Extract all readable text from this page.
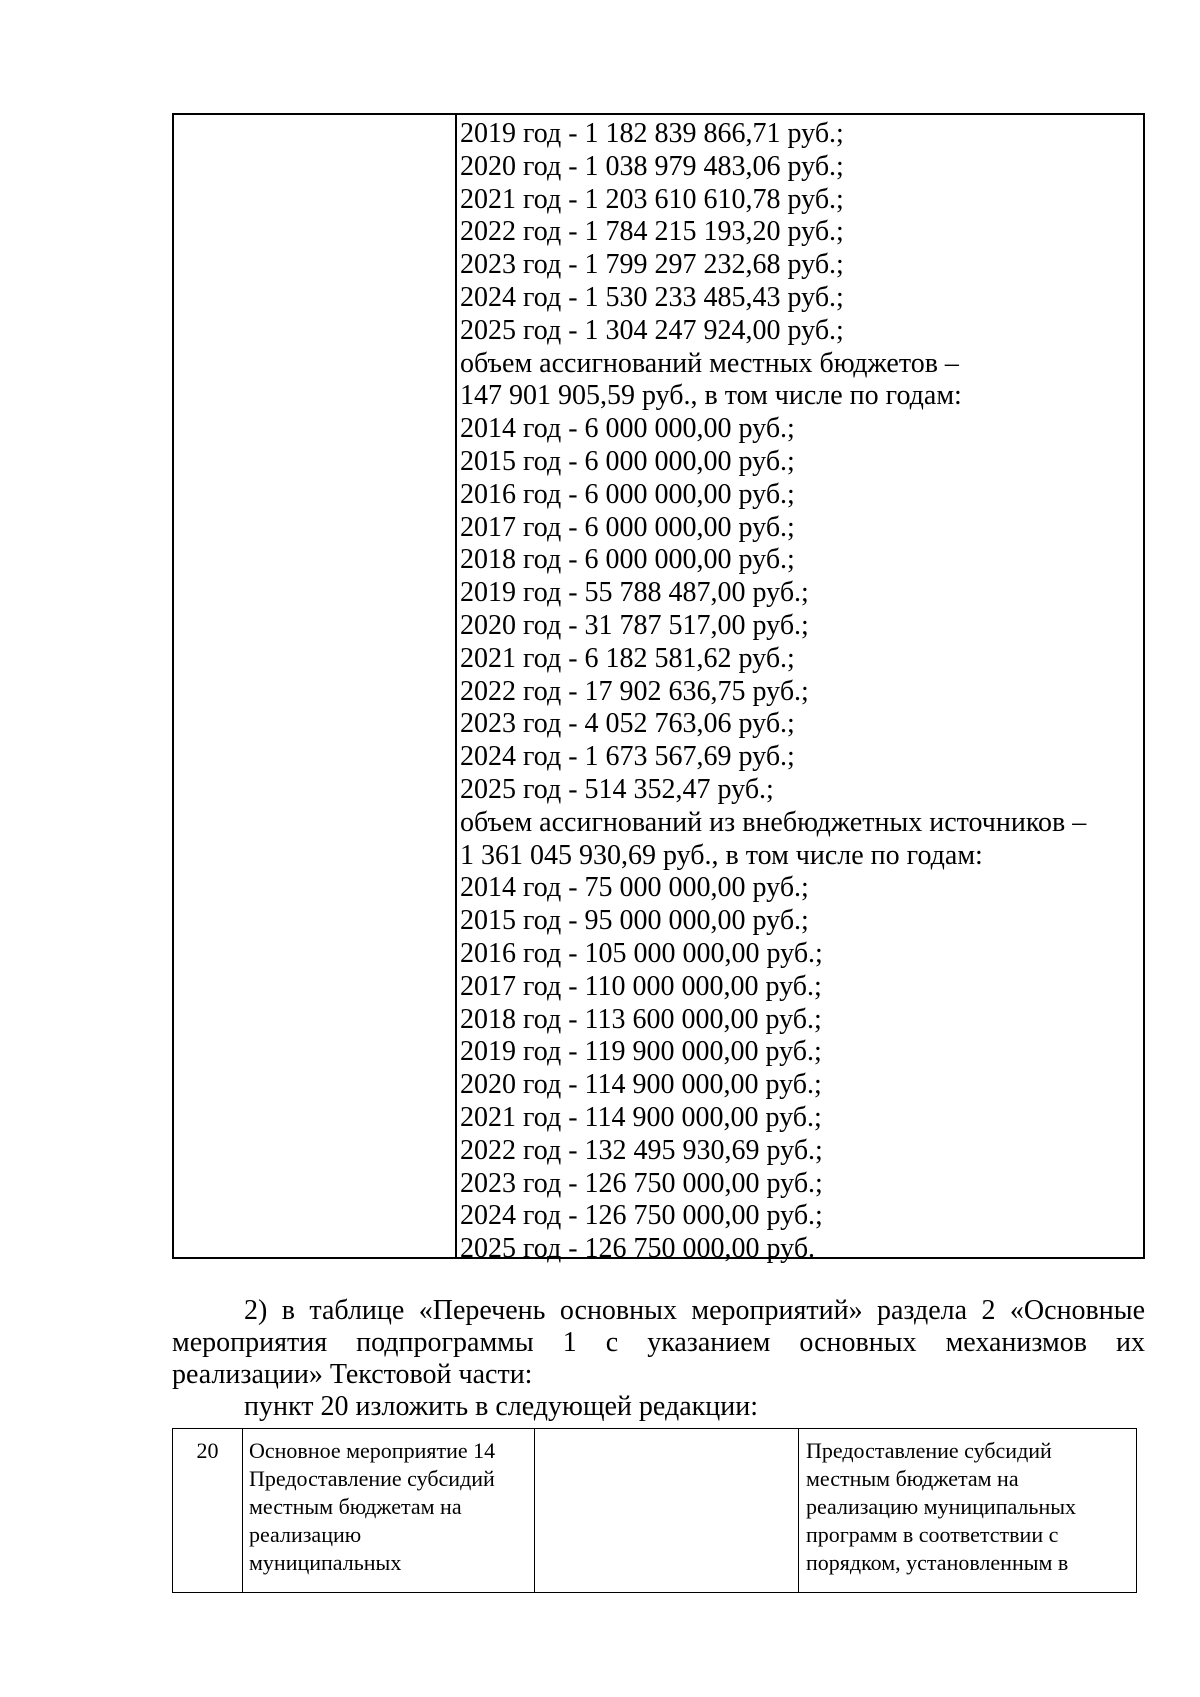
2019 год - 1 182 839 866,71 руб.;
2020 год - 1 038 979 483,06 руб.;
2021 год - 1 203 610 610,78 руб.;
2022 год - 1 784 215 193,20 руб.;
2023 год - 1 799 297 232,68 руб.;
2024 год - 1 530 233 485,43 руб.;
2025 год - 1 304 247 924,00 руб.;
объем ассигнований местных бюджетов –
147 901 905,59 руб., в том числе по годам:
2014 год - 6 000 000,00 руб.;
2015 год - 6 000 000,00 руб.;
2016 год - 6 000 000,00 руб.;
2017 год - 6 000 000,00 руб.;
2018 год - 6 000 000,00 руб.;
2019 год - 55 788 487,00 руб.;
2020 год - 31 787 517,00 руб.;
2021 год - 6 182 581,62 руб.;
2022 год - 17 902 636,75 руб.;
2023 год - 4 052 763,06 руб.;
2024 год - 1 673 567,69 руб.;
2025 год - 514 352,47 руб.;
объем ассигнований из внебюджетных источников –
1 361 045 930,69 руб., в том числе по годам:
2014 год - 75 000 000,00 руб.;
2015 год - 95 000 000,00 руб.;
2016 год - 105 000 000,00 руб.;
2017 год - 110 000 000,00 руб.;
2018 год - 113 600 000,00 руб.;
2019 год - 119 900 000,00 руб.;
2020 год - 114 900 000,00 руб.;
2021 год - 114 900 000,00 руб.;
2022 год - 132 495 930,69 руб.;
2023 год - 126 750 000,00 руб.;
2024 год - 126 750 000,00 руб.;
2025 год - 126 750 000,00 руб.
2) в таблице «Перечень основных мероприятий» раздела 2 «Основные
мероприятия подпрограммы 1 с указанием основных механизмов их
реализации» Текстовой части:
пункт 20 изложить в следующей редакции:
20	Основное мероприятие 14
Предоставление субсидий
местным бюджетам на
реализацию
муниципальных
Предоставление субсидий
местным бюджетам на
реализацию муниципальных
программ в соответствии с
порядком, установленным в
